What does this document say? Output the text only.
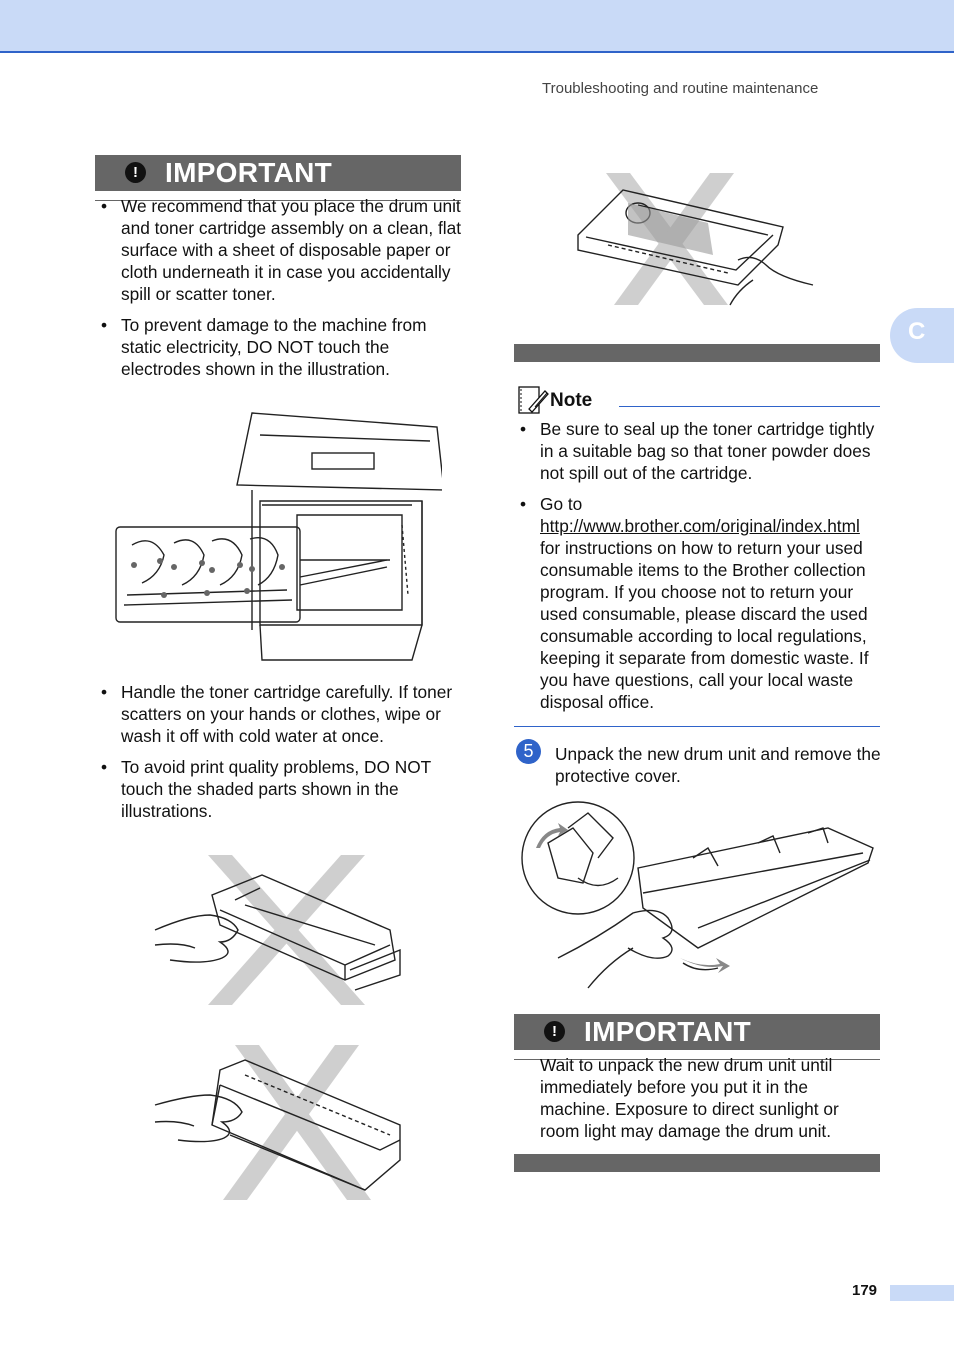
Troubleshooting and routine maintenance
C
! IMPORTANT
• We recommend that you place the drum unit and toner cartridge assembly on a clean, flat surface with a sheet of disposable paper or cloth underneath it in case you accidentally spill or scatter toner.
• To prevent damage to the machine from static electricity, DO NOT touch the electrodes shown in the illustration.
• Handle the toner cartridge carefully. If toner scatters on your hands or clothes, wipe or wash it off with cold water at once.
• To avoid print quality problems, DO NOT touch the shaded parts shown in the illustrations.
Note
• Be sure to seal up the toner cartridge tightly in a suitable bag so that toner powder does not spill out of the cartridge.
• Go to
http://www.brother.com/original/index.html
for instructions on how to return your used consumable items to the Brother collection program. If you choose not to return your used consumable, please discard the used consumable according to local regulations, keeping it separate from domestic waste. If you have questions, call your local waste disposal office.
5	Unpack the new drum unit and remove the protective cover.
! IMPORTANT
Wait to unpack the new drum unit until immediately before you put it in the machine. Exposure to direct sunlight or room light may damage the drum unit.
179
